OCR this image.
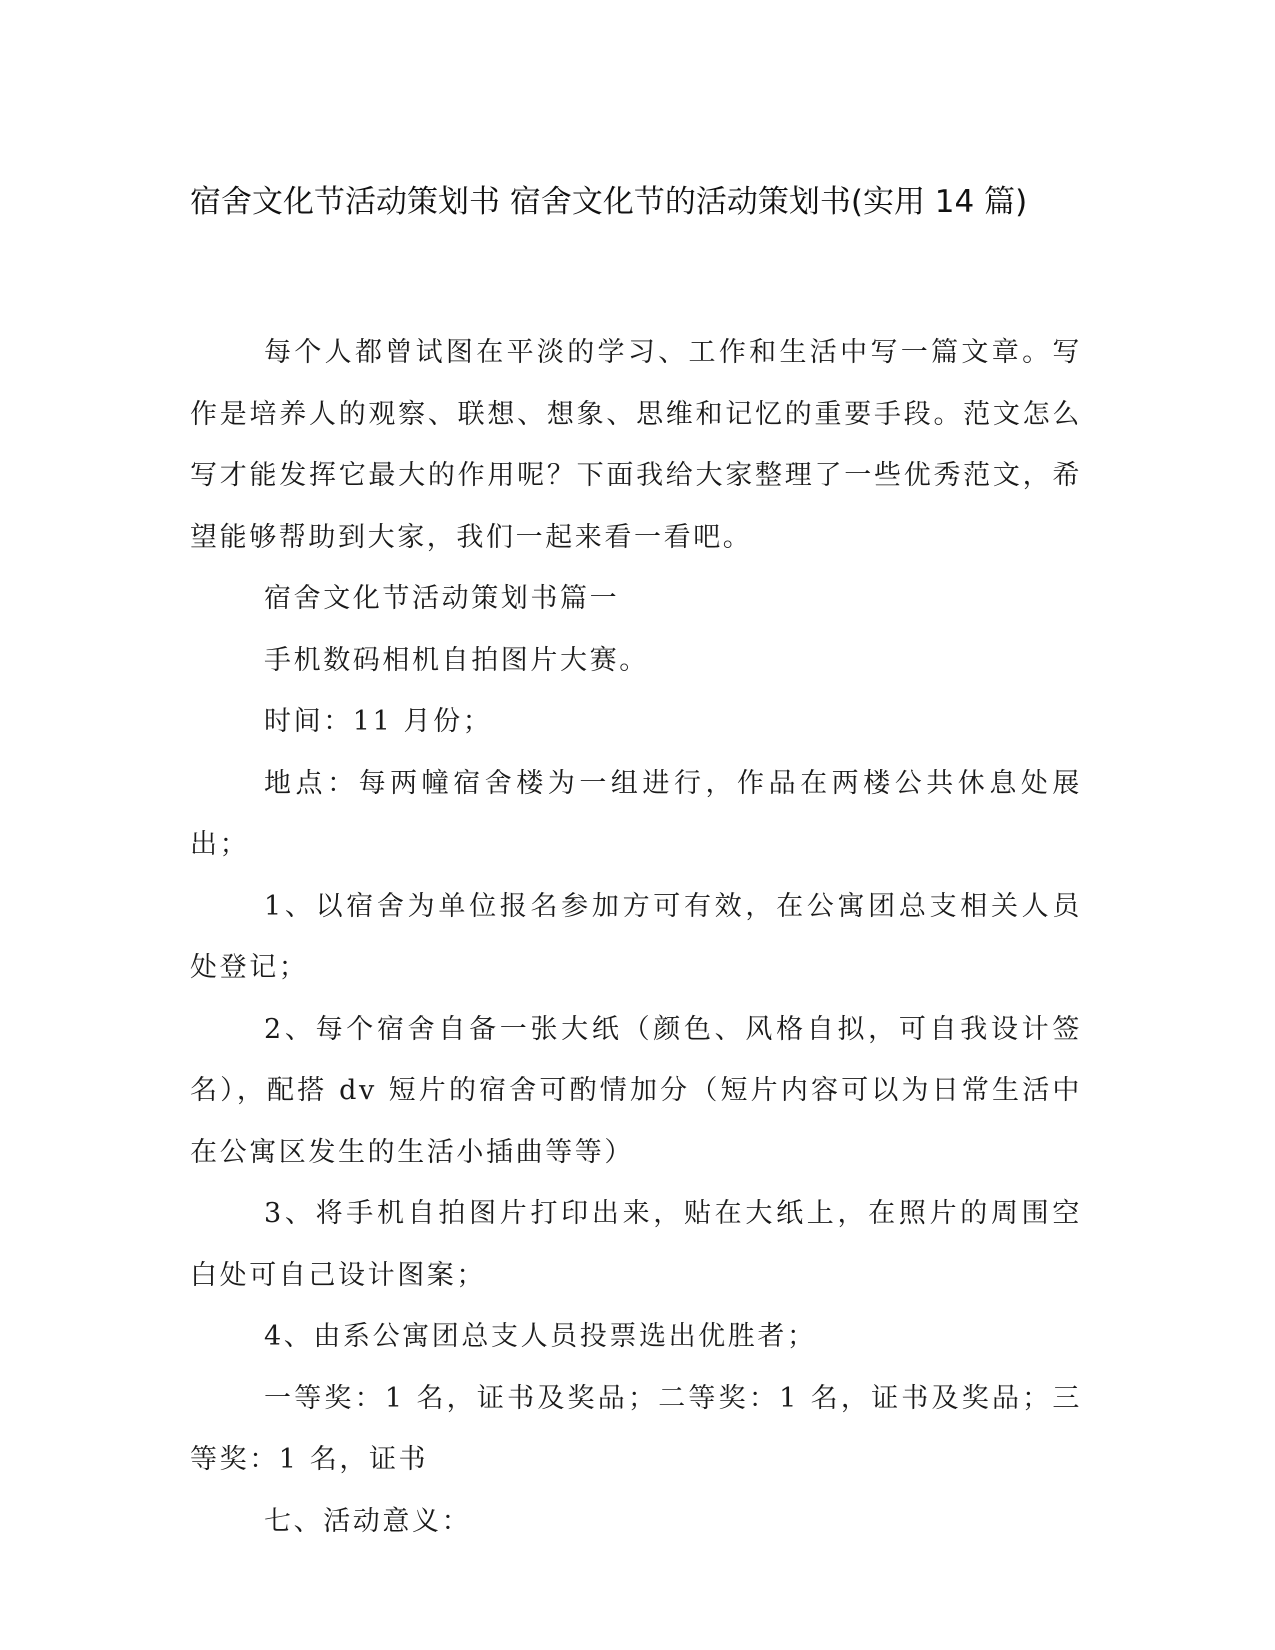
宿舍文化节活动策划书 宿舍文化节的活动策划书(实用 14 篇)

每个人都曾试图在平淡的学习、工作和生活中写一篇文章。写作是培养人的观察、联想、想象、思维和记忆的重要手段。范文怎么写才能发挥它最大的作用呢？下面我给大家整理了一些优秀范文，希望能够帮助到大家，我们一起来看一看吧。

宿舍文化节活动策划书篇一

手机数码相机自拍图片大赛。

时间：11 月份；

地点：每两幢宿舍楼为一组进行，作品在两楼公共休息处展出；

1、以宿舍为单位报名参加方可有效，在公寓团总支相关人员处登记；

2、每个宿舍自备一张大纸（颜色、风格自拟，可自我设计签名），配搭 dv 短片的宿舍可酌情加分（短片内容可以为日常生活中在公寓区发生的生活小插曲等等）

3、将手机自拍图片打印出来，贴在大纸上，在照片的周围空白处可自己设计图案；

4、由系公寓团总支人员投票选出优胜者；

一等奖：1 名，证书及奖品；二等奖：1 名，证书及奖品；三等奖：1 名，证书

七、活动意义：
